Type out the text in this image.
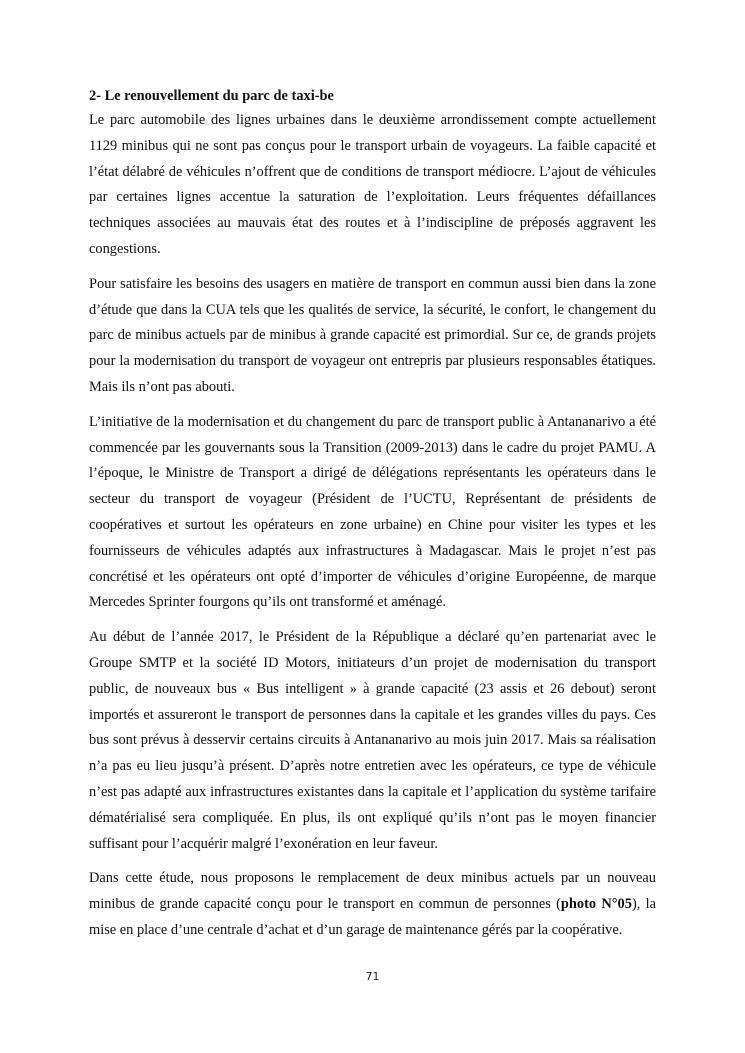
2- Le renouvellement du parc de taxi-be

Le parc automobile des lignes urbaines dans le deuxième arrondissement compte actuellement 1129 minibus qui ne sont pas conçus pour le transport urbain de voyageurs. La faible capacité et l’état délabré de véhicules n’offrent que de conditions de transport médiocre. L’ajout de véhicules par certaines lignes accentue la saturation de l’exploitation. Leurs fréquentes défaillances techniques associées au mauvais état des routes et à l’indiscipline de préposés aggravent les congestions.

Pour satisfaire les besoins des usagers en matière de transport en commun aussi bien dans la zone d’étude que dans la CUA tels que les qualités de service, la sécurité, le confort, le changement du parc de minibus actuels par de minibus à grande capacité est primordial. Sur ce, de grands projets pour la modernisation du transport de voyageur ont entrepris par plusieurs responsables étatiques. Mais ils n’ont pas abouti.

L’initiative de la modernisation et du changement du parc de transport public à Antananarivo a été commencée par les gouvernants sous la Transition (2009-2013) dans le cadre du projet PAMU. A l’époque, le Ministre de Transport a dirigé de délégations représentants les opérateurs dans le secteur du transport de voyageur (Président de l’UCTU, Représentant de présidents de coopératives et surtout les opérateurs en zone urbaine) en Chine pour visiter les types et les fournisseurs de véhicules adaptés aux infrastructures à Madagascar. Mais le projet n’est pas concrétisé et les opérateurs ont opté d’importer de véhicules d’origine Européenne, de marque Mercedes Sprinter fourgons qu’ils ont transformé et aménagé.

Au début de l’année 2017, le Président de la République a déclaré qu’en partenariat avec le Groupe SMTP et la société ID Motors, initiateurs d’un projet de modernisation du transport public, de nouveaux bus « Bus intelligent » à grande capacité (23 assis et 26 debout) seront importés et assureront le transport de personnes dans la capitale et les grandes villes du pays. Ces bus sont prévus à desservir certains circuits à Antananarivo au mois juin 2017. Mais sa réalisation n’a pas eu lieu jusqu’à présent. D’après notre entretien avec les opérateurs, ce type de véhicule n’est pas adapté aux infrastructures existantes dans la capitale et l’application du système tarifaire dématérialisé sera compliquée. En plus, ils ont expliqué qu’ils n’ont pas le moyen financier suffisant pour l’acquérir malgré l’exonération en leur faveur.

Dans cette étude, nous proposons le remplacement de deux minibus actuels par un nouveau minibus de grande capacité conçu pour le transport en commun de personnes (photo N°05), la mise en place d’une centrale d’achat et d’un garage de maintenance gérés par la coopérative.

71
